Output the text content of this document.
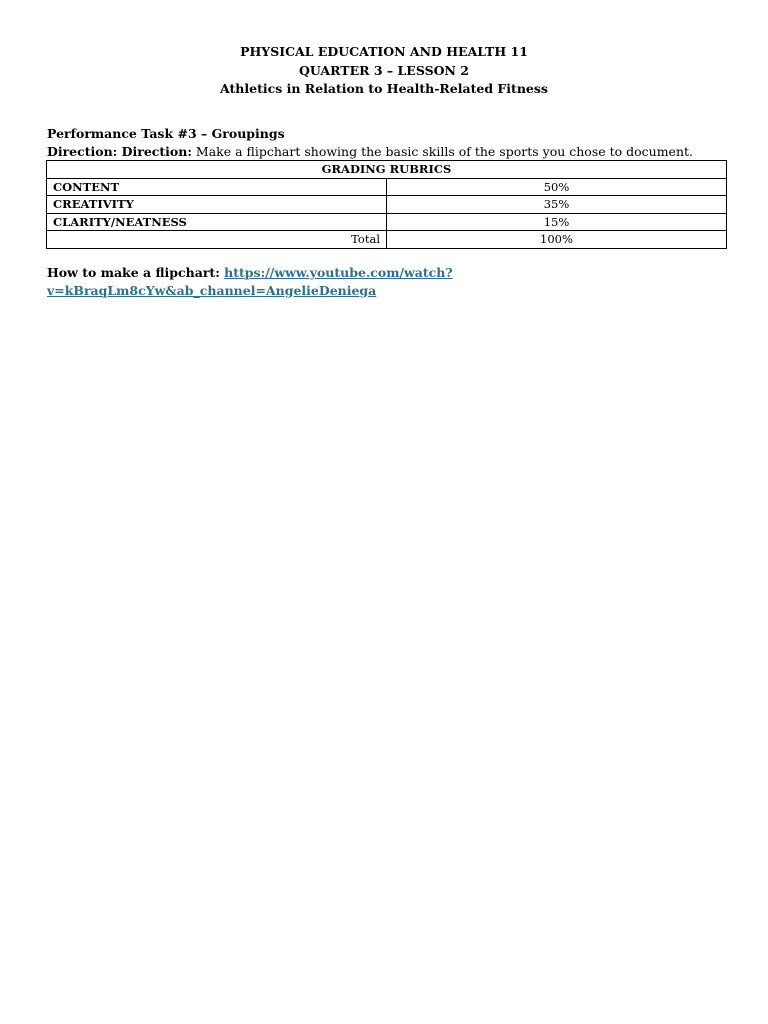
PHYSICAL EDUCATION AND HEALTH 11
QUARTER 3 – LESSON 2
Athletics in Relation to Health-Related Fitness
Performance Task #3 – Groupings
Direction: Direction: Make a flipchart showing the basic skills of the sports you chose to document.
GRADING RUBRICS	
CONTENT	50%
CREATIVITY	35%
CLARITY/NEATNESS	15%
Total	100%
How to make a flipchart: https://www.youtube.com/watch?
v=kBraqLm8cYw&ab_channel=AngelieDeniega
